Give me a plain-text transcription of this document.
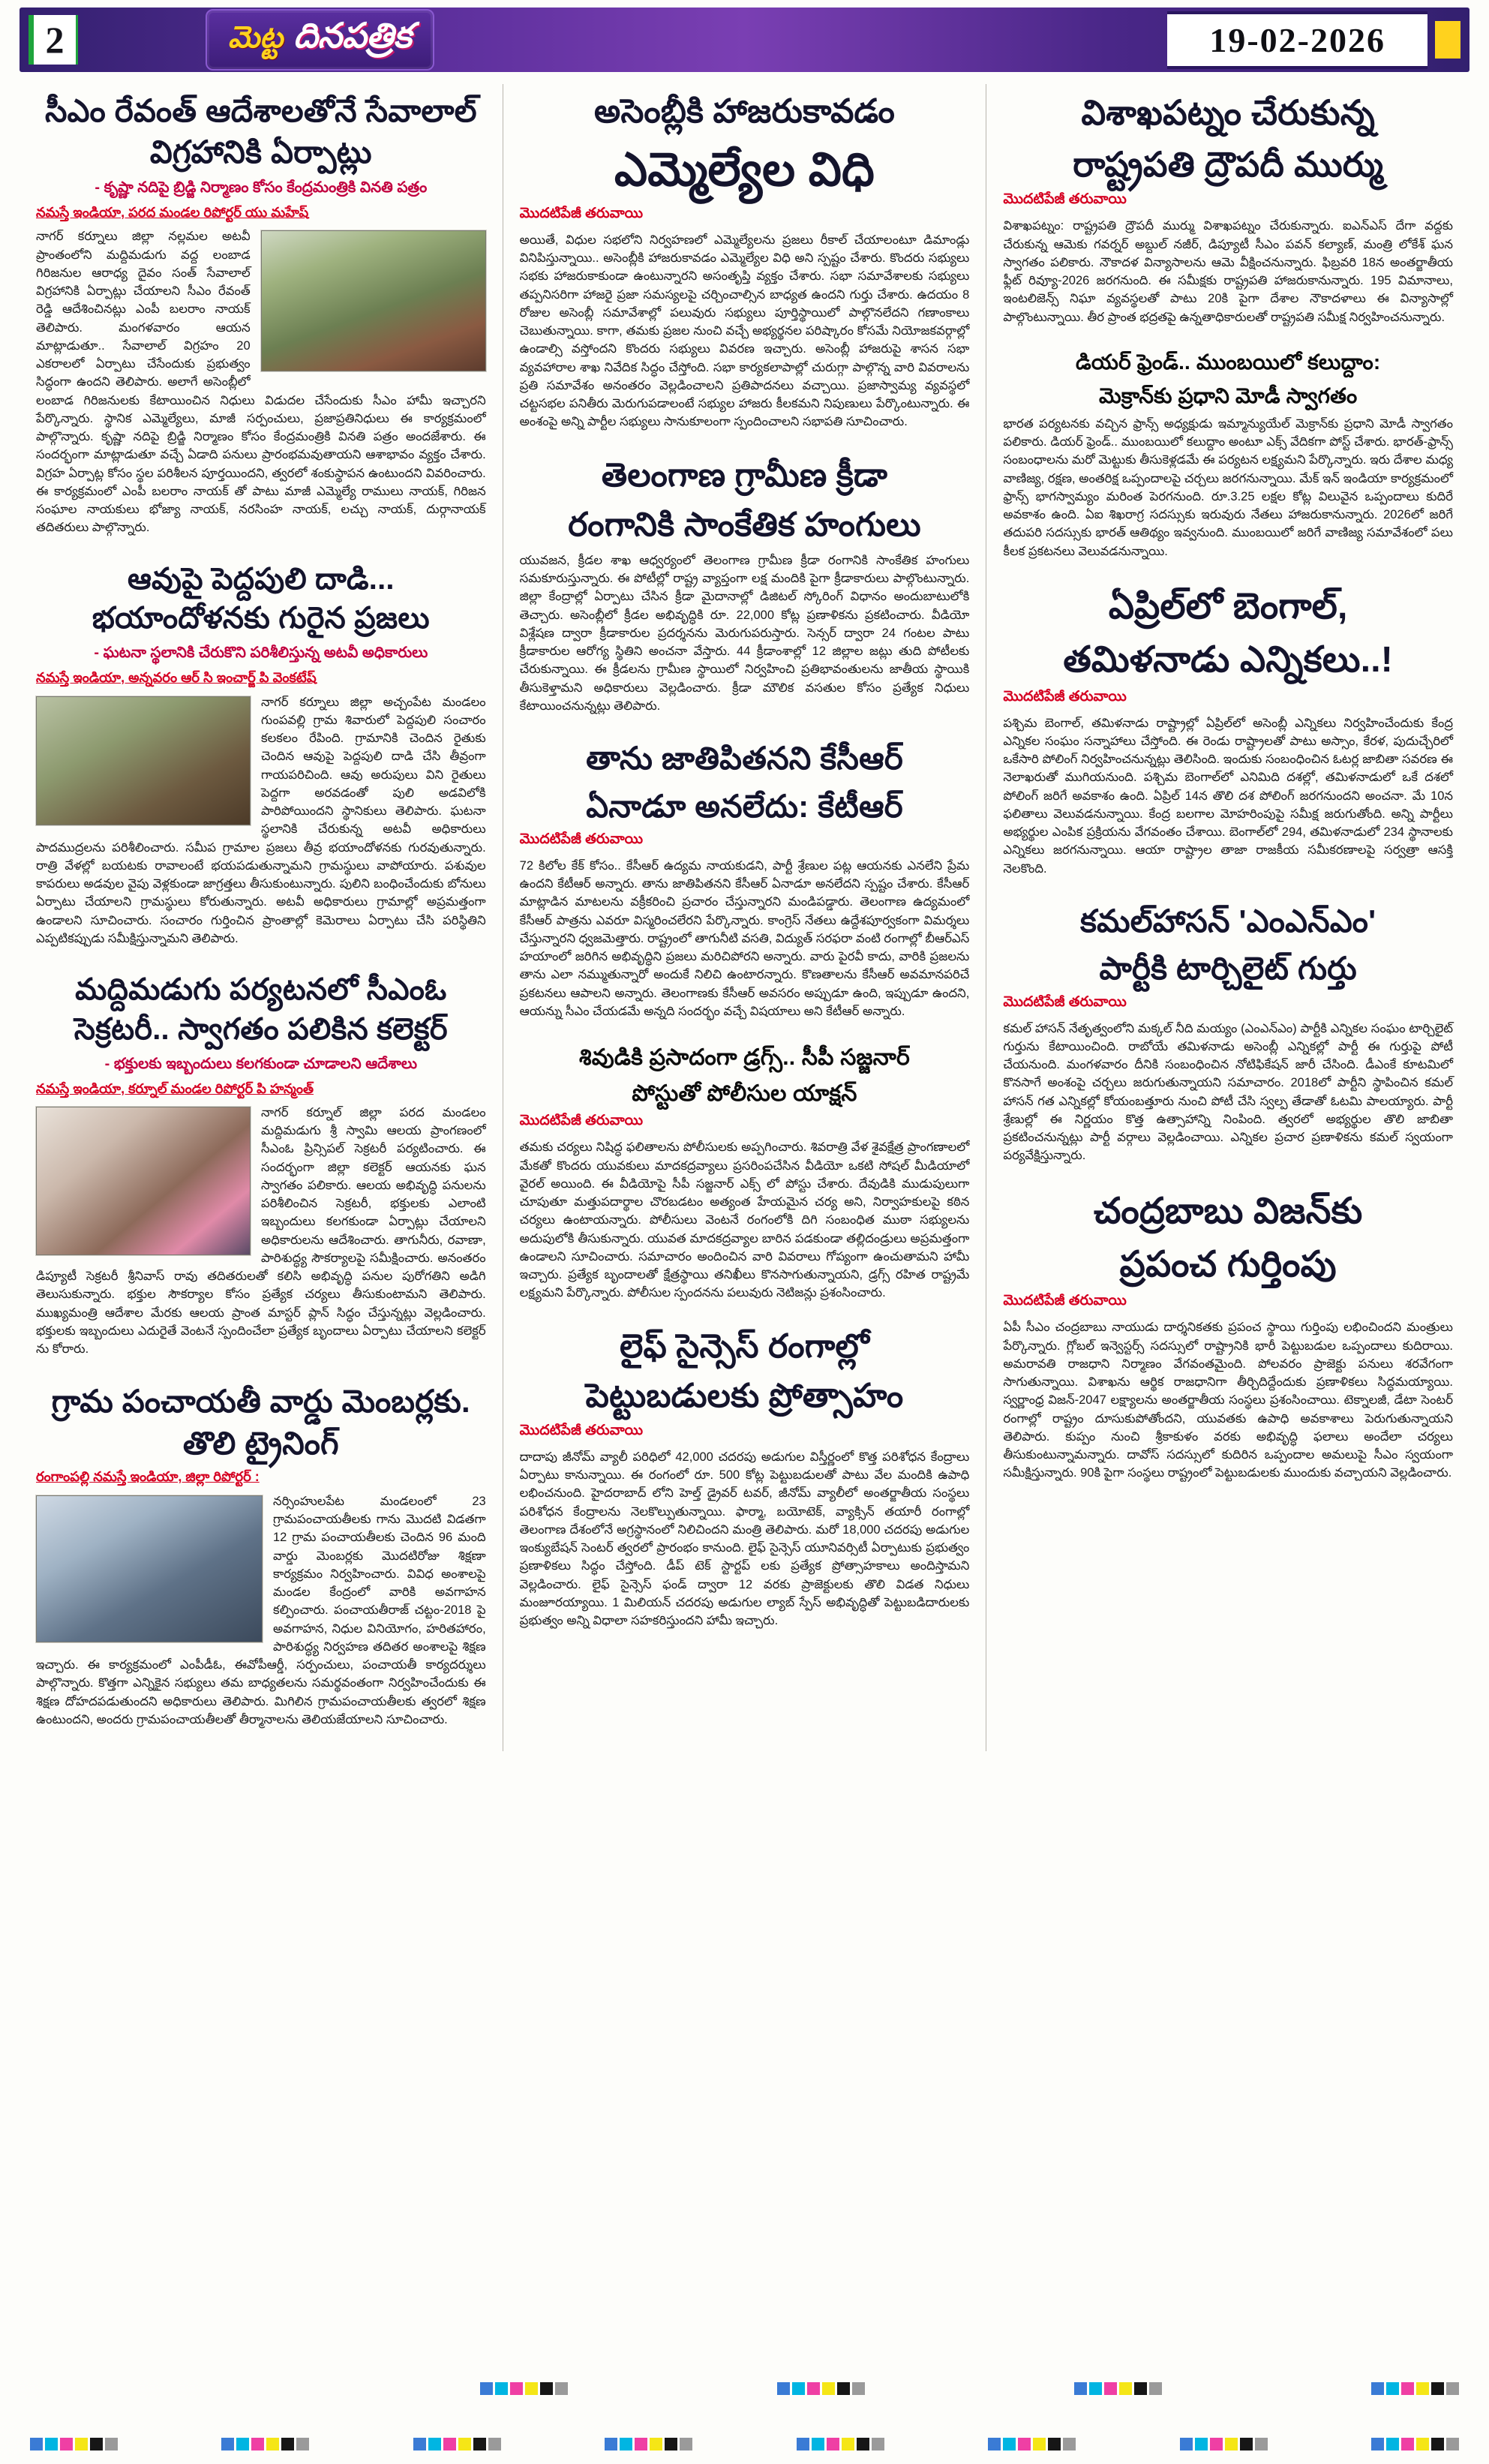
2	మెట్ట దినపత్రిక	19-02-2026
సీఎం రేవంత్ ఆదేశాలతోనే సేవాలాల్ విగ్రహానికి ఏర్పాట్లు

- కృష్ణా నదిపై బ్రిడ్జి నిర్మాణం కోసం కేంద్రమంత్రికి వినతి పత్రం

నమస్తే ఇండియా, పరద మండల రిపోర్టర్ యు మహేష్

నాగర్ కర్నూలు జిల్లా నల్లమల అటవీ ప్రాంతంలోని మద్దిమడుగు వద్ద లంబాడ గిరిజనుల ఆరాధ్య దైవం సంత్ సేవాలాల్ విగ్రహానికి ఏర్పాట్లు చేయాలని సీఎం రేవంత్ రెడ్డి ఆదేశించినట్లు ఎంపీ బలరాం నాయక్ తెలిపారు. మంగళవారం ఆయన మాట్లాడుతూ.. సేవాలాల్ విగ్రహం 20 ఎకరాలలో ఏర్పాటు చేసేందుకు ప్రభుత్వం సిద్ధంగా ఉందని తెలిపారు. అలాగే అసెంబ్లీలో లంబాడ గిరిజనులకు కేటాయించిన నిధులు విడుదల చేసేందుకు సీఎం హామీ ఇచ్చారని పేర్కొన్నారు. స్థానిక ఎమ్మెల్యేలు, మాజీ సర్పంచులు, ప్రజాప్రతినిధులు ఈ కార్యక్రమంలో పాల్గొన్నారు. కృష్ణా నదిపై బ్రిడ్జి నిర్మాణం కోసం కేంద్రమంత్రికి వినతి పత్రం అందజేశారు. ఈ సందర్భంగా మాట్లాడుతూ వచ్చే ఏడాది పనులు ప్రారంభమవుతాయని ఆశాభావం వ్యక్తం చేశారు. విగ్రహ ఏర్పాట్ల కోసం స్థల పరిశీలన పూర్తయిందని, త్వరలో శంకుస్థాపన ఉంటుందని వివరించారు. ఈ కార్యక్రమంలో ఎంపీ బలరాం నాయక్ తో పాటు మాజీ ఎమ్మెల్యే రాములు నాయక్, గిరిజన సంఘాల నాయకులు భోజ్యా నాయక్, నరసింహ నాయక్, లచ్చు నాయక్, దుర్గానాయక్ తదితరులు పాల్గొన్నారు.
ఆవుపై పెద్దపులి దాడి... భయాందోళనకు గురైన ప్రజలు

- ఘటనా స్థలానికి చేరుకొని పరిశీలిస్తున్న అటవీ అధికారులు

నమస్తే ఇండియా, అన్నవరం ఆర్ సి ఇంచార్జ్ పి వెంకటేష్

నాగర్ కర్నూలు జిల్లా అచ్చంపేట మండలం గుంపవల్లి గ్రామ శివారులో పెద్దపులి సంచారం కలకలం రేపింది. గ్రామానికి చెందిన రైతుకు చెందిన ఆవుపై పెద్దపులి దాడి చేసి తీవ్రంగా గాయపరిచింది. ఆవు అరుపులు విని రైతులు పెద్దగా అరవడంతో పులి అడవిలోకి పారిపోయిందని స్థానికులు తెలిపారు. ఘటనా స్థలానికి చేరుకున్న అటవీ అధికారులు పాదముద్రలను పరిశీలించారు. సమీప గ్రామాల ప్రజలు తీవ్ర భయాందోళనకు గురవుతున్నారు. రాత్రి వేళల్లో బయటకు రావాలంటే భయపడుతున్నామని గ్రామస్థులు వాపోయారు. పశువుల కాపరులు అడవుల వైపు వెళ్లకుండా జాగ్రత్తలు తీసుకుంటున్నారు. పులిని బంధించేందుకు బోనులు ఏర్పాటు చేయాలని గ్రామస్థులు కోరుతున్నారు. అటవీ అధికారులు గ్రామాల్లో అప్రమత్తంగా ఉండాలని సూచించారు. సంచారం గుర్తించిన ప్రాంతాల్లో కెమెరాలు ఏర్పాటు చేసి పరిస్థితిని ఎప్పటికప్పుడు సమీక్షిస్తున్నామని తెలిపారు.
మద్దిమడుగు పర్యటనలో సీఎంఓ సెక్రటరీ.. స్వాగతం పలికిన కలెక్టర్

- భక్తులకు ఇబ్బందులు కలగకుండా చూడాలని ఆదేశాలు

నమస్తే ఇండియా, కర్నూల్ మండల రిపోర్టర్ పి హన్మంత్

నాగర్ కర్నూల్ జిల్లా పరద మండలం మద్దిమడుగు శ్రీ స్వామి ఆలయ ప్రాంగణంలో సీఎంఓ ప్రిన్సిపల్ సెక్రటరీ పర్యటించారు. ఈ సందర్భంగా జిల్లా కలెక్టర్ ఆయనకు ఘన స్వాగతం పలికారు. ఆలయ అభివృద్ధి పనులను పరిశీలించిన సెక్రటరీ, భక్తులకు ఎలాంటి ఇబ్బందులు కలగకుండా ఏర్పాట్లు చేయాలని అధికారులను ఆదేశించారు. తాగునీరు, రవాణా, పారిశుద్ధ్య సౌకర్యాలపై సమీక్షించారు. అనంతరం డిప్యూటీ సెక్రటరీ శ్రీనివాస్ రావు తదితరులతో కలిసి అభివృద్ధి పనుల పురోగతిని అడిగి తెలుసుకున్నారు. భక్తుల సౌకర్యాల కోసం ప్రత్యేక చర్యలు తీసుకుంటామని తెలిపారు. ముఖ్యమంత్రి ఆదేశాల మేరకు ఆలయ ప్రాంత మాస్టర్ ప్లాన్ సిద్ధం చేస్తున్నట్లు వెల్లడించారు. భక్తులకు ఇబ్బందులు ఎదురైతే వెంటనే స్పందించేలా ప్రత్యేక బృందాలు ఏర్పాటు చేయాలని కలెక్టర్ ను కోరారు.
గ్రామ పంచాయతీ వార్డు మెంబర్లకు. తొలి ట్రైనింగ్

రంగాంపల్లి నమస్తే ఇండియా, జిల్లా రిపోర్టర్ :

నర్సింహులపేట మండలంలో 23 గ్రామపంచాయతీలకు గాను మొదటి విడతగా 12 గ్రామ పంచాయతీలకు చెందిన 96 మంది వార్డు మెంబర్లకు మొదటిరోజు శిక్షణా కార్యక్రమం నిర్వహించారు. వివిధ అంశాలపై మండల కేంద్రంలో వారికి అవగాహన కల్పించారు. పంచాయతీరాజ్ చట్టం-2018 పై అవగాహన, నిధుల వినియోగం, హరితహారం, పారిశుద్ధ్య నిర్వహణ తదితర అంశాలపై శిక్షణ ఇచ్చారు. ఈ కార్యక్రమంలో ఎంపీడీఓ, ఈవోపీఆర్డీ, సర్పంచులు, పంచాయతీ కార్యదర్శులు పాల్గొన్నారు. కొత్తగా ఎన్నికైన సభ్యులు తమ బాధ్యతలను సమర్థవంతంగా నిర్వహించేందుకు ఈ శిక్షణ దోహదపడుతుందని అధికారులు తెలిపారు. మిగిలిన గ్రామపంచాయతీలకు త్వరలో శిక్షణ ఉంటుందని, అందరు గ్రామపంచాయతీలతో తీర్మానాలను తెలియజేయాలని సూచించారు.
అసెంబ్లీకి హాజరుకావడం
ఎమ్మెల్యేల విధి

మొదటిపేజీ తరువాయి

అయితే, విధుల సభలోని నిర్వహణలో ఎమ్మెల్యేలను ప్రజలు రీకాల్ చేయాలంటూ డిమాండ్లు వినిపిస్తున్నాయి.. అసెంబ్లీకి హాజరుకావడం ఎమ్మెల్యేల విధి అని స్పష్టం చేశారు. కొందరు సభ్యులు సభకు హాజరుకాకుండా ఉంటున్నారని అసంతృప్తి వ్యక్తం చేశారు. సభా సమావేశాలకు సభ్యులు తప్పనిసరిగా హాజరై ప్రజా సమస్యలపై చర్చించాల్సిన బాధ్యత ఉందని గుర్తు చేశారు. ఉదయం 8 రోజుల అసెంబ్లీ సమావేశాల్లో పలువురు సభ్యులు పూర్తిస్థాయిలో పాల్గొనలేదని గణాంకాలు చెబుతున్నాయి. కాగా, తమకు ప్రజల నుంచి వచ్చే అభ్యర్థనల పరిష్కారం కోసమే నియోజకవర్గాల్లో ఉండాల్సి వస్తోందని కొందరు సభ్యులు వివరణ ఇచ్చారు. అసెంబ్లీ హాజరుపై శాసన సభా వ్యవహారాల శాఖ నివేదిక సిద్ధం చేస్తోంది. సభా కార్యకలాపాల్లో చురుగ్గా పాల్గొన్న వారి వివరాలను ప్రతి సమావేశం అనంతరం వెల్లడించాలని ప్రతిపాదనలు వచ్చాయి. ప్రజాస్వామ్య వ్యవస్థలో చట్టసభల పనితీరు మెరుగుపడాలంటే సభ్యుల హాజరు కీలకమని నిపుణులు పేర్కొంటున్నారు. ఈ అంశంపై అన్ని పార్టీల సభ్యులు సానుకూలంగా స్పందించాలని సభాపతి సూచించారు.
తెలంగాణ గ్రామీణ క్రీడా
రంగానికి సాంకేతిక హంగులు
యువజన, క్రీడల శాఖ ఆధ్వర్యంలో తెలంగాణ గ్రామీణ క్రీడా రంగానికి సాంకేతిక హంగులు సమకూరుస్తున్నారు. ఈ పోటీల్లో రాష్ట్ర వ్యాప్తంగా లక్ష మందికి పైగా క్రీడాకారులు పాల్గొంటున్నారు. జిల్లా కేంద్రాల్లో ఏర్పాటు చేసిన క్రీడా మైదానాల్లో డిజిటల్ స్కోరింగ్ విధానం అందుబాటులోకి తెచ్చారు. అసెంబ్లీలో క్రీడల అభివృద్ధికి రూ. 22,000 కోట్ల ప్రణాళికను ప్రకటించారు. వీడియో విశ్లేషణ ద్వారా క్రీడాకారుల ప్రదర్శనను మెరుగుపరుస్తారు. సెన్సర్ ద్వారా 24 గంటల పాటు క్రీడాకారుల ఆరోగ్య స్థితిని అంచనా వేస్తారు. 44 క్రీడాంశాల్లో 12 జిల్లాల జట్లు తుది పోటీలకు చేరుకున్నాయి. ఈ క్రీడలను గ్రామీణ స్థాయిలో నిర్వహించి ప్రతిభావంతులను జాతీయ స్థాయికి తీసుకెళ్తామని అధికారులు వెల్లడించారు. క్రీడా మౌలిక వసతుల కోసం ప్రత్యేక నిధులు కేటాయించనున్నట్లు తెలిపారు.
తాను జాతిపితనని కేసీఆర్
ఏనాడూ అనలేదు: కేటీఆర్

మొదటిపేజీ తరువాయి

72 కిలోల కేక్ కోసం.. కేసీఆర్ ఉద్యమ నాయకుడని, పార్టీ శ్రేణుల పట్ల ఆయనకు ఎనలేని ప్రేమ ఉందని కేటీఆర్ అన్నారు. తాను జాతిపితనని కేసీఆర్ ఏనాడూ అనలేదని స్పష్టం చేశారు. కేసీఆర్ మాట్లాడిన మాటలను వక్రీకరించి ప్రచారం చేస్తున్నారని మండిపడ్డారు. తెలంగాణ ఉద్యమంలో కేసీఆర్ పాత్రను ఎవరూ విస్మరించలేరని పేర్కొన్నారు. కాంగ్రెస్ నేతలు ఉద్దేశపూర్వకంగా విమర్శలు చేస్తున్నారని ధ్వజమెత్తారు. రాష్ట్రంలో తాగునీటి వసతి, విద్యుత్ సరఫరా వంటి రంగాల్లో బీఆర్ఎస్ హయాంలో జరిగిన అభివృద్ధిని ప్రజలు మరిచిపోరని అన్నారు. వారు పైరవీ కాదు, వారికి ప్రజలను తాను ఎలా నమ్ముతున్నారో అందుకే నిలిచి ఉంటారన్నారు. కొణతాలను కేసీఆర్ అవమానపరిచే ప్రకటనలు ఆపాలని అన్నారు. తెలంగాణకు కేసీఆర్ అవసరం అప్పుడూ ఉంది, ఇప్పుడూ ఉందని, ఆయన్ను సీఎం చేయడమే అన్నది సందర్భం వచ్చే విషయాలు అని కేటీఆర్ అన్నారు.
శివుడికి ప్రసాదంగా డ్రగ్స్.. సీపీ సజ్జనార్
పోస్టుతో పోలీసుల యాక్షన్

మొదటిపేజీ తరువాయి

తమకు చర్యలు నిషిద్ధ ఫలితాలను పోలీసులకు అప్పగించారు. శివరాత్రి వేళ శైవక్షేత్ర ప్రాంగణాలలో మేకతో కొందరు యువకులు మాదకద్రవ్యాలు ప్రసరింపచేసిన వీడియో ఒకటి సోషల్ మీడియాలో వైరల్ అయింది. ఈ వీడియోపై సీపీ సజ్జనార్ ఎక్స్ లో పోస్టు చేశారు. దేవుడికి ముడుపులుగా చూపుతూ మత్తుపదార్థాల చొరబడటం అత్యంత హేయమైన చర్య అని, నిర్వాహకులపై కఠిన చర్యలు ఉంటాయన్నారు. పోలీసులు వెంటనే రంగంలోకి దిగి సంబంధిత ముఠా సభ్యులను అదుపులోకి తీసుకున్నారు. యువత మాదకద్రవ్యాల బారిన పడకుండా తల్లిదండ్రులు అప్రమత్తంగా ఉండాలని సూచించారు. సమాచారం అందించిన వారి వివరాలు గోప్యంగా ఉంచుతామని హామీ ఇచ్చారు. ప్రత్యేక బృందాలతో క్షేత్రస్థాయి తనిఖీలు కొనసాగుతున్నాయని, డ్రగ్స్ రహిత రాష్ట్రమే లక్ష్యమని పేర్కొన్నారు. పోలీసుల స్పందనను పలువురు నెటిజన్లు ప్రశంసించారు.
లైఫ్ సైన్సెస్ రంగాల్లో
పెట్టుబడులకు ప్రోత్సాహం

మొదటిపేజీ తరువాయి

దాదాపు జీనోమ్ వ్యాలీ పరిధిలో 42,000 చదరపు అడుగుల విస్తీర్ణంలో కొత్త పరిశోధన కేంద్రాలు ఏర్పాటు కానున్నాయి. ఈ రంగంలో రూ. 500 కోట్ల పెట్టుబడులతో పాటు వేల మందికి ఉపాధి లభించనుంది. హైదరాబాద్ లోని హెల్త్ డ్రైవర్ టవర్, జీనోమ్ వ్యాలీలో అంతర్జాతీయ సంస్థలు పరిశోధన కేంద్రాలను నెలకొల్పుతున్నాయి. ఫార్మా, బయోటెక్, వ్యాక్సిన్ తయారీ రంగాల్లో తెలంగాణ దేశంలోనే అగ్రస్థానంలో నిలిచిందని మంత్రి తెలిపారు. మరో 18,000 చదరపు అడుగుల ఇంక్యుబేషన్ సెంటర్ త్వరలో ప్రారంభం కానుంది. లైఫ్ సైన్సెస్ యూనివర్సిటీ ఏర్పాటుకు ప్రభుత్వం ప్రణాళికలు సిద్ధం చేస్తోంది. డీప్ టెక్ స్టార్టప్ లకు ప్రత్యేక ప్రోత్సాహకాలు అందిస్తామని వెల్లడించారు. లైఫ్ సైన్సెస్ ఫండ్ ద్వారా 12 వరకు ప్రాజెక్టులకు తొలి విడత నిధులు మంజూరయ్యాయి. 1 మిలియన్ చదరపు అడుగుల ల్యాబ్ స్పేస్ అభివృద్ధితో పెట్టుబడిదారులకు ప్రభుత్వం అన్ని విధాలా సహకరిస్తుందని హామీ ఇచ్చారు.
విశాఖపట్నం చేరుకున్న
రాష్ట్రపతి ద్రౌపదీ ముర్ము

మొదటిపేజీ తరువాయి

విశాఖపట్నం: రాష్ట్రపతి ద్రౌపదీ ముర్ము విశాఖపట్నం చేరుకున్నారు. ఐఎన్ఎస్ దేగా వద్దకు చేరుకున్న ఆమెకు గవర్నర్ అబ్దుల్ నజీర్, డిప్యూటీ సీఎం పవన్ కల్యాణ్, మంత్రి లోకేశ్ ఘన స్వాగతం పలికారు. నౌకాదళ విన్యాసాలను ఆమె వీక్షించనున్నారు. ఫిబ్రవరి 18న అంతర్జాతీయ ఫ్లీట్ రివ్యూ-2026 జరగనుంది. ఈ సమీక్షకు రాష్ట్రపతి హాజరుకానున్నారు. 195 విమానాలు, ఇంటలిజెన్స్ నిఘా వ్యవస్థలతో పాటు 20కి పైగా దేశాల నౌకాదళాలు ఈ విన్యాసాల్లో పాల్గొంటున్నాయి. తీర ప్రాంత భద్రతపై ఉన్నతాధికారులతో రాష్ట్రపతి సమీక్ష నిర్వహించనున్నారు.
డియర్ ఫ్రెండ్.. ముంబయిలో కలుద్దాం:
మెక్రాన్‌కు ప్రధాని మోడీ స్వాగతం
భారత పర్యటనకు వచ్చిన ఫ్రాన్స్ అధ్యక్షుడు ఇమ్మాన్యుయేల్ మెక్రాన్‌కు ప్రధాని మోడీ స్వాగతం పలికారు. డియర్ ఫ్రెండ్.. ముంబయిలో కలుద్దాం అంటూ ఎక్స్ వేదికగా పోస్ట్ చేశారు. భారత్-ఫ్రాన్స్ సంబంధాలను మరో మెట్టుకు తీసుకెళ్లడమే ఈ పర్యటన లక్ష్యమని పేర్కొన్నారు. ఇరు దేశాల మధ్య వాణిజ్య, రక్షణ, అంతరిక్ష ఒప్పందాలపై చర్చలు జరగనున్నాయి. మేక్ ఇన్ ఇండియా కార్యక్రమంలో ఫ్రాన్స్ భాగస్వామ్యం మరింత పెరగనుంది. రూ.3.25 లక్షల కోట్ల విలువైన ఒప్పందాలు కుదిరే అవకాశం ఉంది. ఏఐ శిఖరాగ్ర సదస్సుకు ఇరువురు నేతలు హాజరుకానున్నారు. 2026లో జరిగే తదుపరి సదస్సుకు భారత్ ఆతిథ్యం ఇవ్వనుంది. ముంబయిలో జరిగే వాణిజ్య సమావేశంలో పలు కీలక ప్రకటనలు వెలువడనున్నాయి.
ఏప్రిల్‌లో బెంగాల్,
తమిళనాడు ఎన్నికలు..!

మొదటిపేజీ తరువాయి

పశ్చిమ బెంగాల్, తమిళనాడు రాష్ట్రాల్లో ఏప్రిల్‌లో అసెంబ్లీ ఎన్నికలు నిర్వహించేందుకు కేంద్ర ఎన్నికల సంఘం సన్నాహాలు చేస్తోంది. ఈ రెండు రాష్ట్రాలతో పాటు అస్సాం, కేరళ, పుదుచ్చేరిలో ఒకేసారి పోలింగ్ నిర్వహించనున్నట్లు తెలిసింది. ఇందుకు సంబంధించిన ఓటర్ల జాబితా సవరణ ఈ నెలాఖరుతో ముగియనుంది. పశ్చిమ బెంగాల్‌లో ఎనిమిది దశల్లో, తమిళనాడులో ఒకే దశలో పోలింగ్ జరిగే అవకాశం ఉంది. ఏప్రిల్ 14న తొలి దశ పోలింగ్ జరగనుందని అంచనా. మే 10న ఫలితాలు వెలువడనున్నాయి. కేంద్ర బలగాల మోహరింపుపై సమీక్ష జరుగుతోంది. అన్ని పార్టీలు అభ్యర్థుల ఎంపిక ప్రక్రియను వేగవంతం చేశాయి. బెంగాల్‌లో 294, తమిళనాడులో 234 స్థానాలకు ఎన్నికలు జరగనున్నాయి. ఆయా రాష్ట్రాల తాజా రాజకీయ సమీకరణాలపై సర్వత్రా ఆసక్తి నెలకొంది.
కమల్‌హాసన్ 'ఎంఎన్ఎం'
పార్టీకి టార్చిలైట్ గుర్తు

మొదటిపేజీ తరువాయి

కమల్ హాసన్ నేతృత్వంలోని మక్కల్ నీది మయ్యం (ఎంఎన్ఎం) పార్టీకి ఎన్నికల సంఘం టార్చిలైట్ గుర్తును కేటాయించింది. రాబోయే తమిళనాడు అసెంబ్లీ ఎన్నికల్లో పార్టీ ఈ గుర్తుపై పోటీ చేయనుంది. మంగళవారం దీనికి సంబంధించిన నోటిఫికేషన్ జారీ చేసింది. డీఎంకే కూటమిలో కొనసాగే అంశంపై చర్చలు జరుగుతున్నాయని సమాచారం. 2018లో పార్టీని స్థాపించిన కమల్ హాసన్ గత ఎన్నికల్లో కోయంబత్తూరు నుంచి పోటీ చేసి స్వల్ప తేడాతో ఓటమి పాలయ్యారు. పార్టీ శ్రేణుల్లో ఈ నిర్ణయం కొత్త ఉత్సాహాన్ని నింపింది. త్వరలో అభ్యర్థుల తొలి జాబితా ప్రకటించనున్నట్లు పార్టీ వర్గాలు వెల్లడించాయి. ఎన్నికల ప్రచార ప్రణాళికను కమల్ స్వయంగా పర్యవేక్షిస్తున్నారు.
చంద్రబాబు విజన్‌కు
ప్రపంచ గుర్తింపు

మొదటిపేజీ తరువాయి

ఏపీ సీఎం చంద్రబాబు నాయుడు దార్శనికతకు ప్రపంచ స్థాయి గుర్తింపు లభించిందని మంత్రులు పేర్కొన్నారు. గ్లోబల్ ఇన్వెస్టర్స్ సదస్సులో రాష్ట్రానికి భారీ పెట్టుబడుల ఒప్పందాలు కుదిరాయి. అమరావతి రాజధాని నిర్మాణం వేగవంతమైంది. పోలవరం ప్రాజెక్టు పనులు శరవేగంగా సాగుతున్నాయి. విశాఖను ఆర్థిక రాజధానిగా తీర్చిదిద్దేందుకు ప్రణాళికలు సిద్ధమయ్యాయి. స్వర్ణాంధ్ర విజన్-2047 లక్ష్యాలను అంతర్జాతీయ సంస్థలు ప్రశంసించాయి. టెక్నాలజీ, డేటా సెంటర్ రంగాల్లో రాష్ట్రం దూసుకుపోతోందని, యువతకు ఉపాధి అవకాశాలు పెరుగుతున్నాయని తెలిపారు. కుప్పం నుంచి శ్రీకాకుళం వరకు అభివృద్ధి ఫలాలు అందేలా చర్యలు తీసుకుంటున్నామన్నారు. దావోస్ సదస్సులో కుదిరిన ఒప్పందాల అమలుపై సీఎం స్వయంగా సమీక్షిస్తున్నారు. 90కి పైగా సంస్థలు రాష్ట్రంలో పెట్టుబడులకు ముందుకు వచ్చాయని వెల్లడించారు.
